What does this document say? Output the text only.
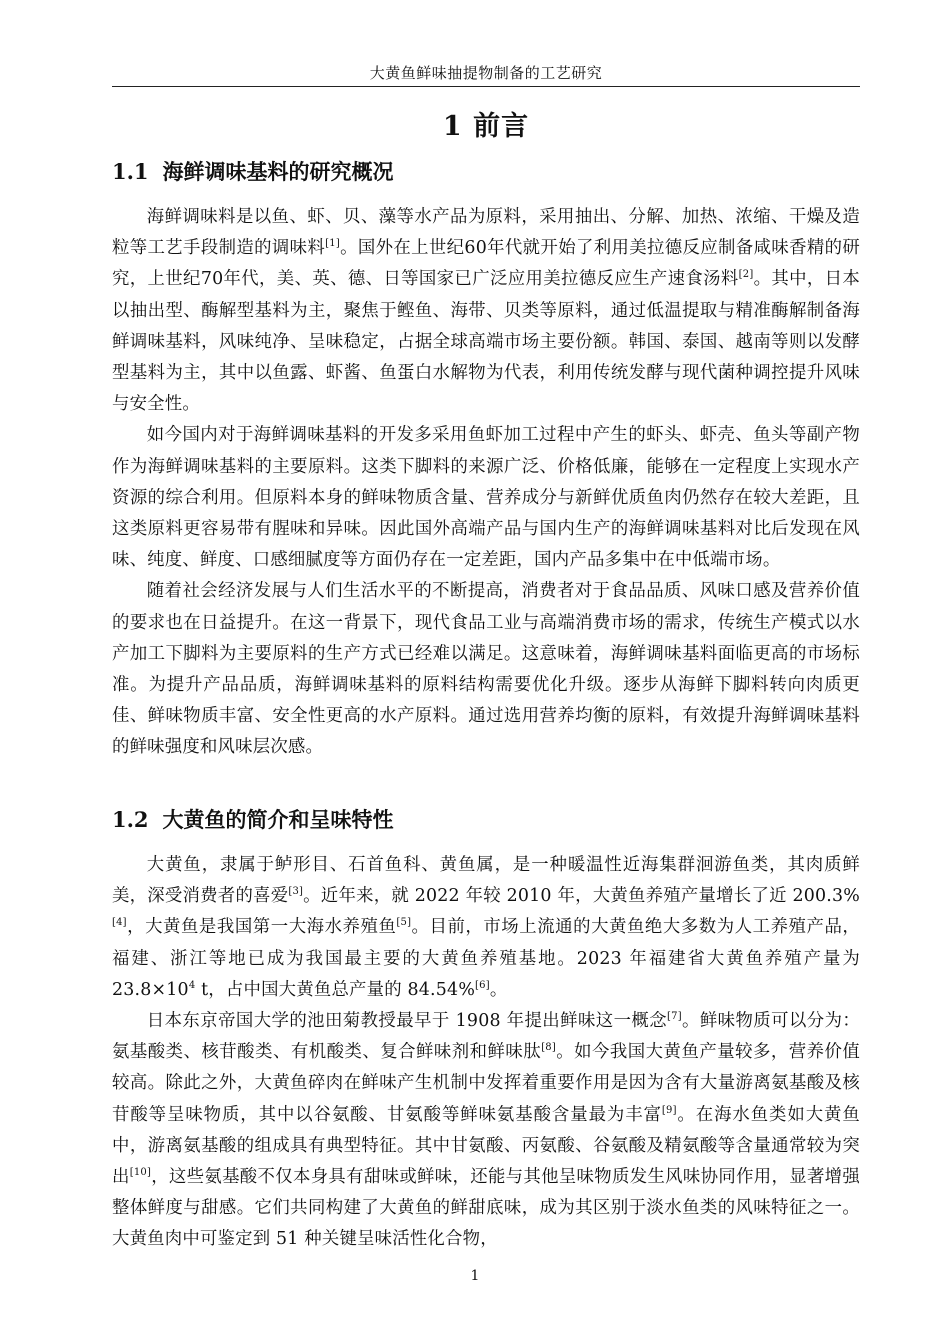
大黄鱼鲜味抽提物制备的工艺研究
1 前言
1.1 海鲜调味基料的研究概况

海鲜调味料是以鱼、虾、贝、藻等水产品为原料，采用抽出、分解、加热、浓缩、干燥及造粒等工艺手段制造的调味料[1]。国外在上世纪60年代就开始了利用美拉德反应制备咸味香精的研究，上世纪70年代，美、英、德、日等国家已广泛应用美拉德反应生产速食汤料[2]。其中，日本以抽出型、酶解型基料为主，聚焦于鲣鱼、海带、贝类等原料，通过低温提取与精准酶解制备海鲜调味基料，风味纯净、呈味稳定，占据全球高端市场主要份额。韩国、泰国、越南等则以发酵型基料为主，其中以鱼露、虾酱、鱼蛋白水解物为代表，利用传统发酵与现代菌种调控提升风味与安全性。

如今国内对于海鲜调味基料的开发多采用鱼虾加工过程中产生的虾头、虾壳、鱼头等副产物作为海鲜调味基料的主要原料。这类下脚料的来源广泛、价格低廉，能够在一定程度上实现水产资源的综合利用。但原料本身的鲜味物质含量、营养成分与新鲜优质鱼肉仍然存在较大差距，且这类原料更容易带有腥味和异味。因此国外高端产品与国内生产的海鲜调味基料对比后发现在风味、纯度、鲜度、口感细腻度等方面仍存在一定差距，国内产品多集中在中低端市场。

随着社会经济发展与人们生活水平的不断提高，消费者对于食品品质、风味口感及营养价值的要求也在日益提升。在这一背景下，现代食品工业与高端消费市场的需求，传统生产模式以水产加工下脚料为主要原料的生产方式已经难以满足。这意味着，海鲜调味基料面临更高的市场标准。为提升产品品质，海鲜调味基料的原料结构需要优化升级。逐步从海鲜下脚料转向肉质更佳、鲜味物质丰富、安全性更高的水产原料。通过选用营养均衡的原料，有效提升海鲜调味基料的鲜味强度和风味层次感。

1.2 大黄鱼的简介和呈味特性

大黄鱼，隶属于鲈形目、石首鱼科、黄鱼属，是一种暖温性近海集群洄游鱼类，其肉质鲜美，深受消费者的喜爱[3]。近年来，就 2022 年较 2010 年，大黄鱼养殖产量增长了近 200.3%[4]，大黄鱼是我国第一大海水养殖鱼[5]。目前，市场上流通的大黄鱼绝大多数为人工养殖产品，福建、浙江等地已成为我国最主要的大黄鱼养殖基地。2023 年福建省大黄鱼养殖产量为 $23.8\times 10^4$ t，占中国大黄鱼总产量的 84.54%[6]。

日本东京帝国大学的池田菊教授最早于 1908 年提出鲜味这一概念[7]。鲜味物质可以分为：氨基酸类、核苷酸类、有机酸类、复合鲜味剂和鲜味肽[8]。如今我国大黄鱼产量较多，营养价值较高。除此之外，大黄鱼碎肉在鲜味产生机制中发挥着重要作用是因为含有大量游离氨基酸及核苷酸等呈味物质，其中以谷氨酸、甘氨酸等鲜味氨基酸含量最为丰富[9]。在海水鱼类如大黄鱼中，游离氨基酸的组成具有典型特征。其中甘氨酸、丙氨酸、谷氨酸及精氨酸等含量通常较为突出[10]，这些氨基酸不仅本身具有甜味或鲜味，还能与其他呈味物质发生风味协同作用，显著增强整体鲜度与甜感。它们共同构建了大黄鱼的鲜甜底味，成为其区别于淡水鱼类的风味特征之一。大黄鱼肉中可鉴定到 51 种关键呈味活性化合物，

1
